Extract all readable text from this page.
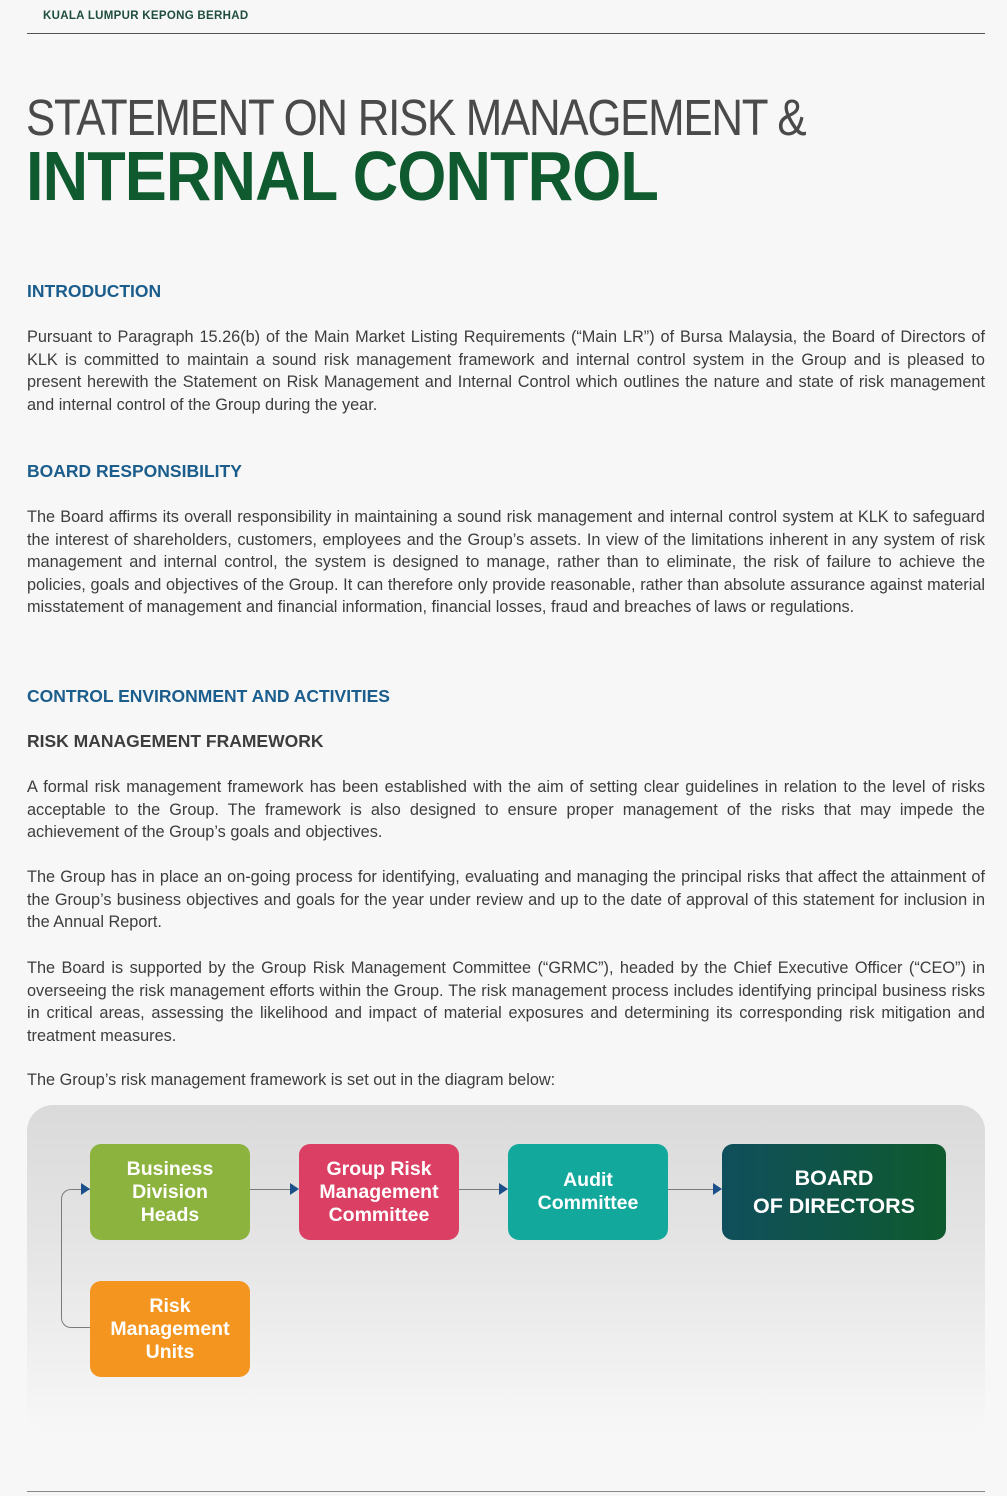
KUALA LUMPUR KEPONG BERHAD
STATEMENT ON RISK MANAGEMENT &
INTERNAL CONTROL
INTRODUCTION

Pursuant to Paragraph 15.26(b) of the Main Market Listing Requirements (“Main LR”) of Bursa Malaysia, the Board of Directors of KLK is committed to maintain a sound risk management framework and internal control system in the Group and is pleased to present herewith the Statement on Risk Management and Internal Control which outlines the nature and state of risk management and internal control of the Group during the year.

BOARD RESPONSIBILITY

The Board affirms its overall responsibility in maintaining a sound risk management and internal control system at KLK to safeguard the interest of shareholders, customers, employees and the Group’s assets. In view of the limitations inherent in any system of risk management and internal control, the system is designed to manage, rather than to eliminate, the risk of failure to achieve the policies, goals and objectives of the Group. It can therefore only provide reasonable, rather than absolute assurance against material misstatement of management and financial information, financial losses, fraud and breaches of laws or regulations.

CONTROL ENVIRONMENT AND ACTIVITIES
RISK MANAGEMENT FRAMEWORK

A formal risk management framework has been established with the aim of setting clear guidelines in relation to the level of risks acceptable to the Group. The framework is also designed to ensure proper management of the risks that may impede the achievement of the Group’s goals and objectives.

The Group has in place an on-going process for identifying, evaluating and managing the principal risks that affect the attainment of the Group’s business objectives and goals for the year under review and up to the date of approval of this statement for inclusion in the Annual Report.

The Board is supported by the Group Risk Management Committee (“GRMC”), headed by the Chief Executive Officer (“CEO”) in overseeing the risk management efforts within the Group. The risk management process includes identifying principal business risks in critical areas, assessing the likelihood and impact of material exposures and determining its corresponding risk mitigation and treatment measures.

The Group’s risk management framework is set out in the diagram below:

Business
Division
Heads
Group Risk
Management
Committee
Audit
Committee
BOARD
OF DIRECTORS
Risk
Management
Units
